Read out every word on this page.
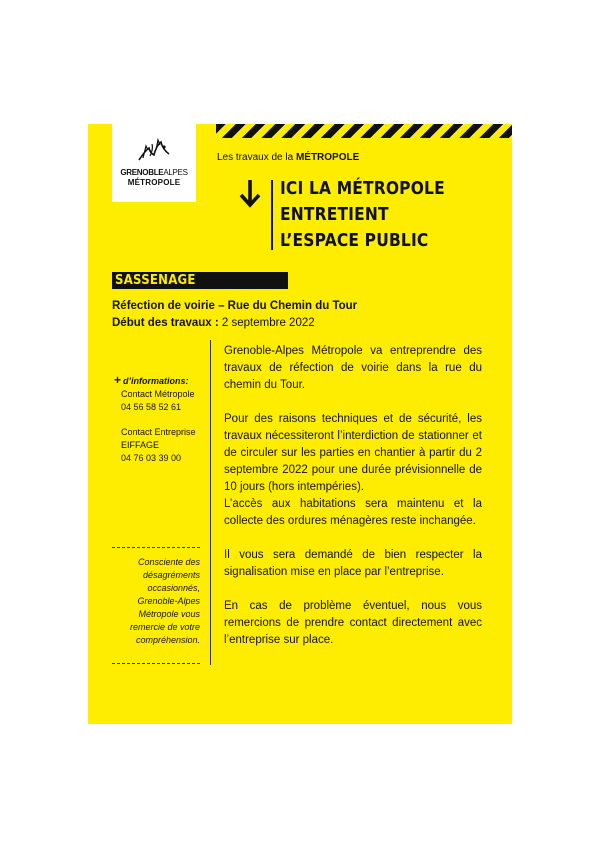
GRENOBLEALPES
MÉTROPOLE
Les travaux de la MÉTROPOLE
ICI LA MÉTROPOLE
ENTRETIENT
L’ESPACE PUBLIC
SASSENAGE
Réfection de voirie – Rue du Chemin du Tour
Début des travaux : 2 septembre 2022
+ d’informations:
Contact Métropole
04 56 58 52 61
Contact Entreprise
EIFFAGE
04 76 03 39 00
Consciente des désagréments occasionnés, Grenoble-Alpes Métropole vous remercie de votre compréhension.

Grenoble-Alpes Métropole va entreprendre des travaux de réfection de voirie dans la rue du chemin du Tour.

Pour des raisons techniques et de sécurité, les travaux nécessiteront l’interdiction de stationner et de circuler sur les parties en chantier à partir du 2 septembre 2022 pour une durée prévisionnelle de 10 jours (hors intempéries).

L’accès aux habitations sera maintenu et la collecte des ordures ménagères reste inchangée.

Il vous sera demandé de bien respecter la signalisation mise en place par l’entreprise.

En cas de problème éventuel, nous vous remercions de prendre contact directement avec l’entreprise sur place.
